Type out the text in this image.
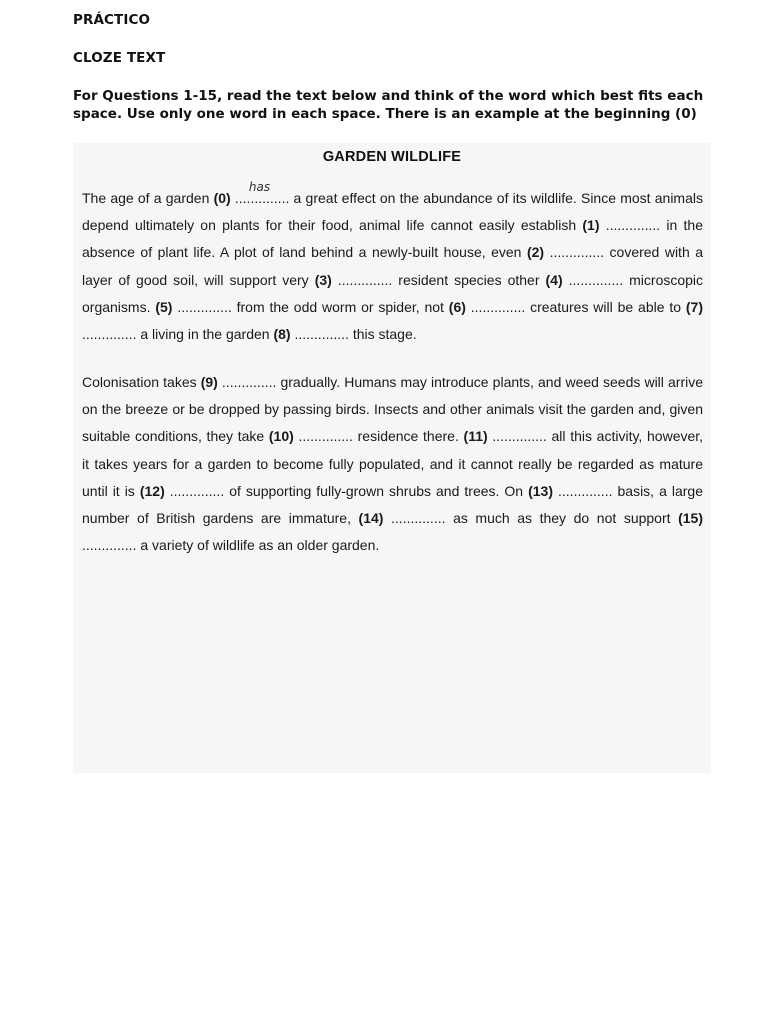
PRÁCTICO
CLOZE TEXT
For Questions 1-15, read the text below and think of the word which best fits each space. Use only one word in each space. There is an example at the beginning (0)
GARDEN WILDLIFE
The age of a garden (0) ..............
has
a great effect on the abundance of its wildlife. Since most animals depend ultimately on plants for their food, animal life cannot easily establish (1) .............. in the absence of plant life. A plot of land behind a newly-built house, even (2) .............. covered with a layer of good soil, will support very (3) .............. resident species other (4) .............. microscopic organisms. (5) .............. from the odd worm or spider, not (6) .............. creatures will be able to (7) .............. a living in the garden (8) .............. this stage.
Colonisation takes (9) .............. gradually. Humans may introduce plants, and weed seeds will arrive on the breeze or be dropped by passing birds. Insects and other animals visit the garden and, given suitable conditions, they take (10) .............. residence there. (11) .............. all this activity, however, it takes years for a garden to become fully populated, and it cannot really be regarded as mature until it is (12) .............. of supporting fully-grown shrubs and trees. On (13) .............. basis, a large number of British gardens are immature, (14) .............. as much as they do not support (15) .............. a variety of wildlife as an older garden.
